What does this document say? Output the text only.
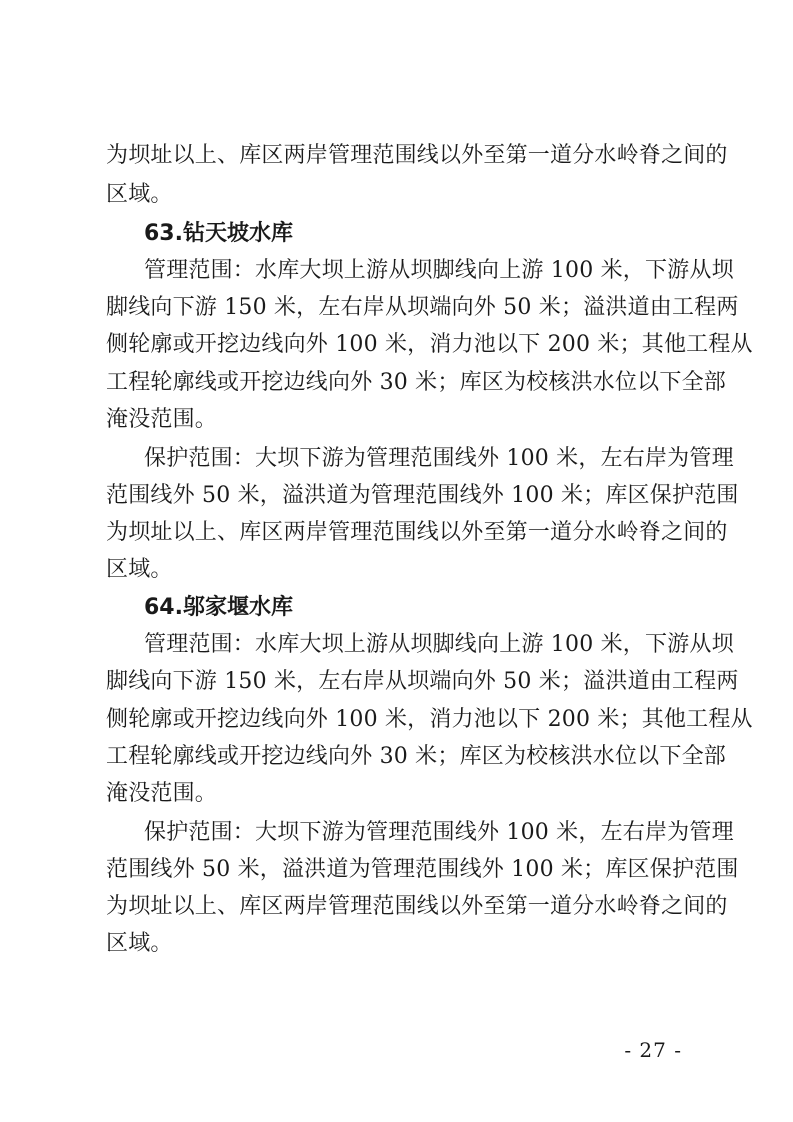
为坝址以上、库区两岸管理范围线以外至第一道分水岭脊之间的
区域。
63.钻天坡水库
管理范围：水库大坝上游从坝脚线向上游 100 米，下游从坝
脚线向下游 150 米，左右岸从坝端向外 50 米；溢洪道由工程两
侧轮廓或开挖边线向外 100 米，消力池以下 200 米；其他工程从
工程轮廓线或开挖边线向外 30 米；库区为校核洪水位以下全部
淹没范围。
保护范围：大坝下游为管理范围线外 100 米，左右岸为管理
范围线外 50 米，溢洪道为管理范围线外 100 米；库区保护范围
为坝址以上、库区两岸管理范围线以外至第一道分水岭脊之间的
区域。
64.邬家堰水库
管理范围：水库大坝上游从坝脚线向上游 100 米，下游从坝
脚线向下游 150 米，左右岸从坝端向外 50 米；溢洪道由工程两
侧轮廓或开挖边线向外 100 米，消力池以下 200 米；其他工程从
工程轮廓线或开挖边线向外 30 米；库区为校核洪水位以下全部
淹没范围。
保护范围：大坝下游为管理范围线外 100 米，左右岸为管理
范围线外 50 米，溢洪道为管理范围线外 100 米；库区保护范围
为坝址以上、库区两岸管理范围线以外至第一道分水岭脊之间的
区域。
- 27 -
